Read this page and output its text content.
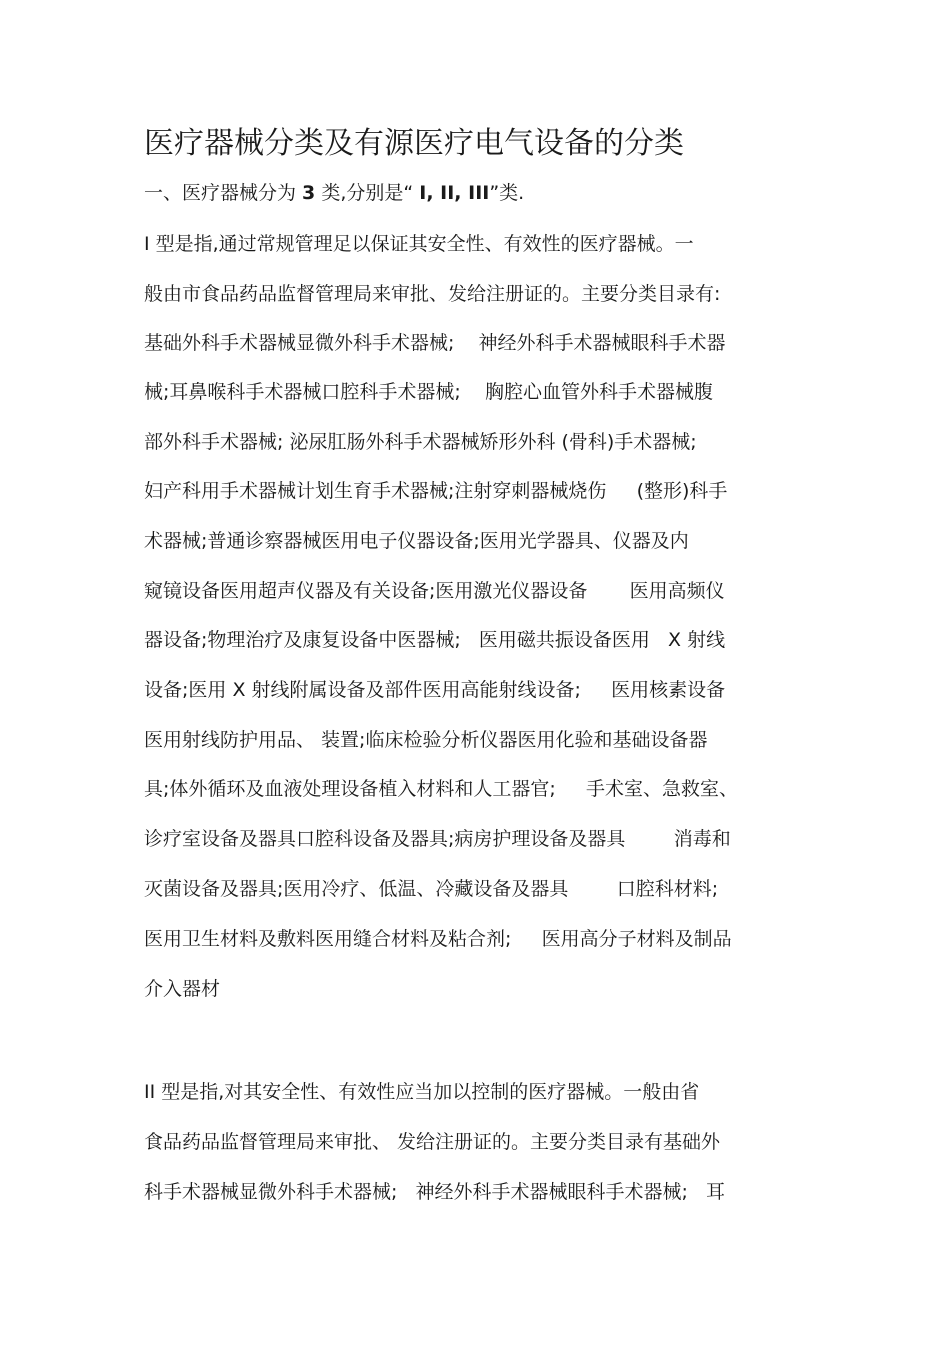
医疗器械分类及有源医疗电气设备的分类
一、医疗器械分为 3 类,分别是“ I, II, III”类.
I 型是指,通过常规管理足以保证其安全性、有效性的医疗器械。一
般由市食品药品监督管理局来审批、发给注册证的。主要分类目录有:
基础外科手术器械显微外科手术器械;    神经外科手术器械眼科手术器
械;耳鼻喉科手术器械口腔科手术器械;    胸腔心血管外科手术器械腹
部外科手术器械; 泌尿肛肠外科手术器械矫形外科 (骨科)手术器械;
妇产科用手术器械计划生育手术器械;注射穿刺器械烧伤     (整形)科手
术器械;普通诊察器械医用电子仪器设备;医用光学器具、仪器及内
窥镜设备医用超声仪器及有关设备;医用激光仪器设备       医用高频仪
器设备;物理治疗及康复设备中医器械;   医用磁共振设备医用   X 射线
设备;医用 X 射线附属设备及部件医用高能射线设备;     医用核素设备
医用射线防护用品、 装置;临床检验分析仪器医用化验和基础设备器
具;体外循环及血液处理设备植入材料和人工器官;     手术室、急救室、
诊疗室设备及器具口腔科设备及器具;病房护理设备及器具        消毒和
灭菌设备及器具;医用冷疗、低温、冷藏设备及器具        口腔科材料;
医用卫生材料及敷料医用缝合材料及粘合剂;     医用高分子材料及制品
介入器材
II 型是指,对其安全性、有效性应当加以控制的医疗器械。一般由省
食品药品监督管理局来审批、 发给注册证的。主要分类目录有基础外
科手术器械显微外科手术器械;   神经外科手术器械眼科手术器械;   耳
